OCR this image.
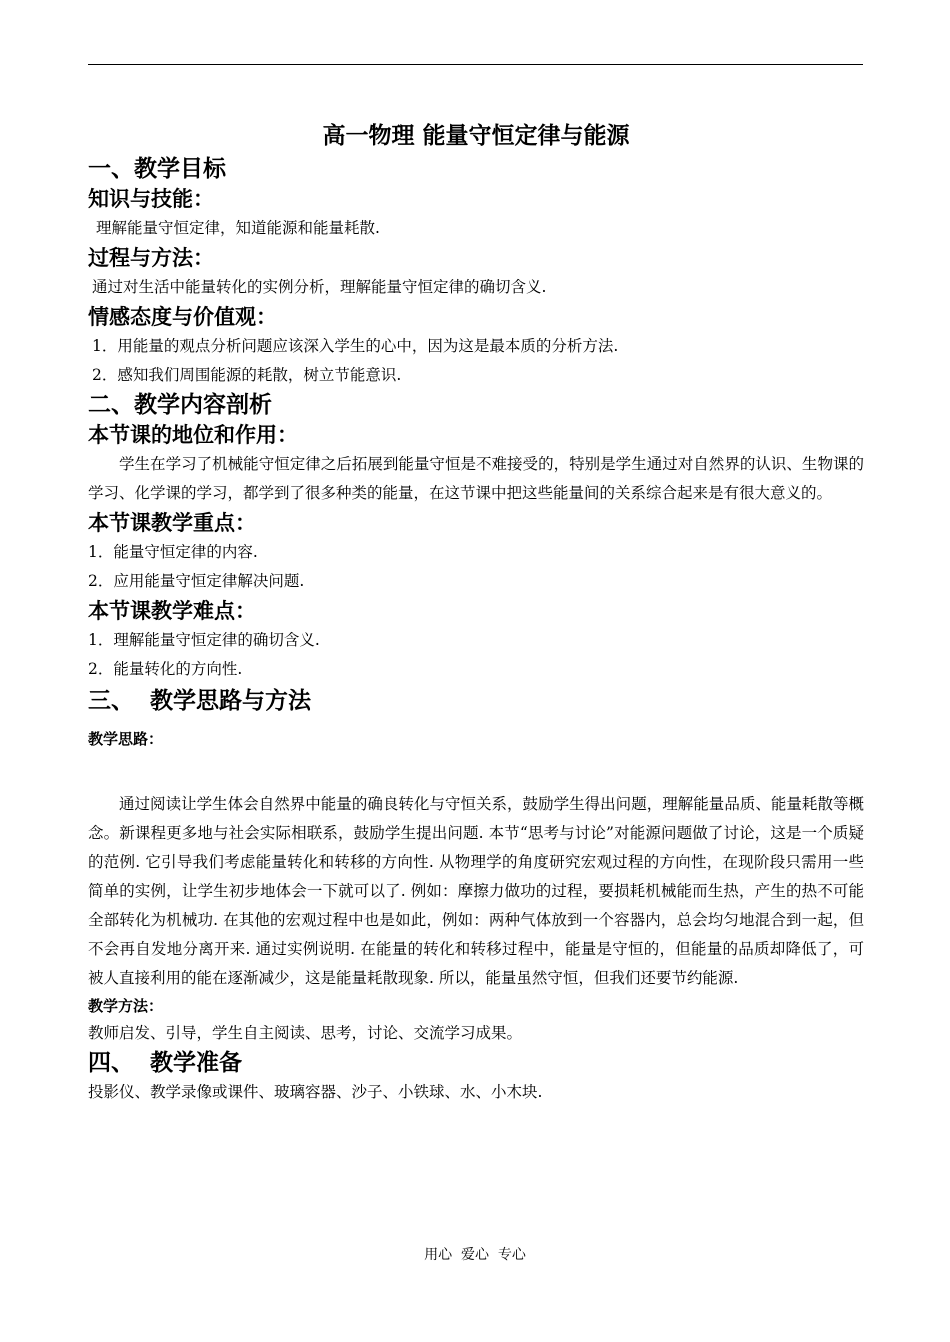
高一物理 能量守恒定律与能源
一、教学目标
知识与技能：

理解能量守恒定律，知道能源和能量耗散.

过程与方法：

通过对生活中能量转化的实例分析，理解能量守恒定律的确切含义.

情感态度与价值观：

1．用能量的观点分析问题应该深入学生的心中，因为这是最本质的分析方法.

2．感知我们周围能源的耗散，树立节能意识.

二、教学内容剖析
本节课的地位和作用：

学生在学习了机械能守恒定律之后拓展到能量守恒是不难接受的，特别是学生通过对自然界的认识、生物课的学习、化学课的学习，都学到了很多种类的能量，在这节课中把这些能量间的关系综合起来是有很大意义的。

本节课教学重点：

1．能量守恒定律的内容.

2．应用能量守恒定律解决问题.

本节课教学难点：

1．理解能量守恒定律的确切含义.

2．能量转化的方向性.

三、  教学思路与方法
教学思路：

通过阅读让学生体会自然界中能量的确良转化与守恒关系，鼓励学生得出问题，理解能量品质、能量耗散等概念。新课程更多地与社会实际相联系，鼓励学生提出问题. 本节“思考与讨论”对能源问题做了讨论，这是一个质疑的范例. 它引导我们考虑能量转化和转移的方向性. 从物理学的角度研究宏观过程的方向性，在现阶段只需用一些简单的实例，让学生初步地体会一下就可以了. 例如：摩擦力做功的过程，要损耗机械能而生热，产生的热不可能全部转化为机械功. 在其他的宏观过程中也是如此，例如：两种气体放到一个容器内，总会均匀地混合到一起，但不会再自发地分离开来. 通过实例说明. 在能量的转化和转移过程中，能量是守恒的，但能量的品质却降低了，可被人直接利用的能在逐渐减少，这是能量耗散现象. 所以，能量虽然守恒，但我们还要节约能源.

教学方法：

教师启发、引导，学生自主阅读、思考，讨论、交流学习成果。

四、  教学准备

投影仪、教学录像或课件、玻璃容器、沙子、小铁球、水、小木块.

用心  爱心  专心
